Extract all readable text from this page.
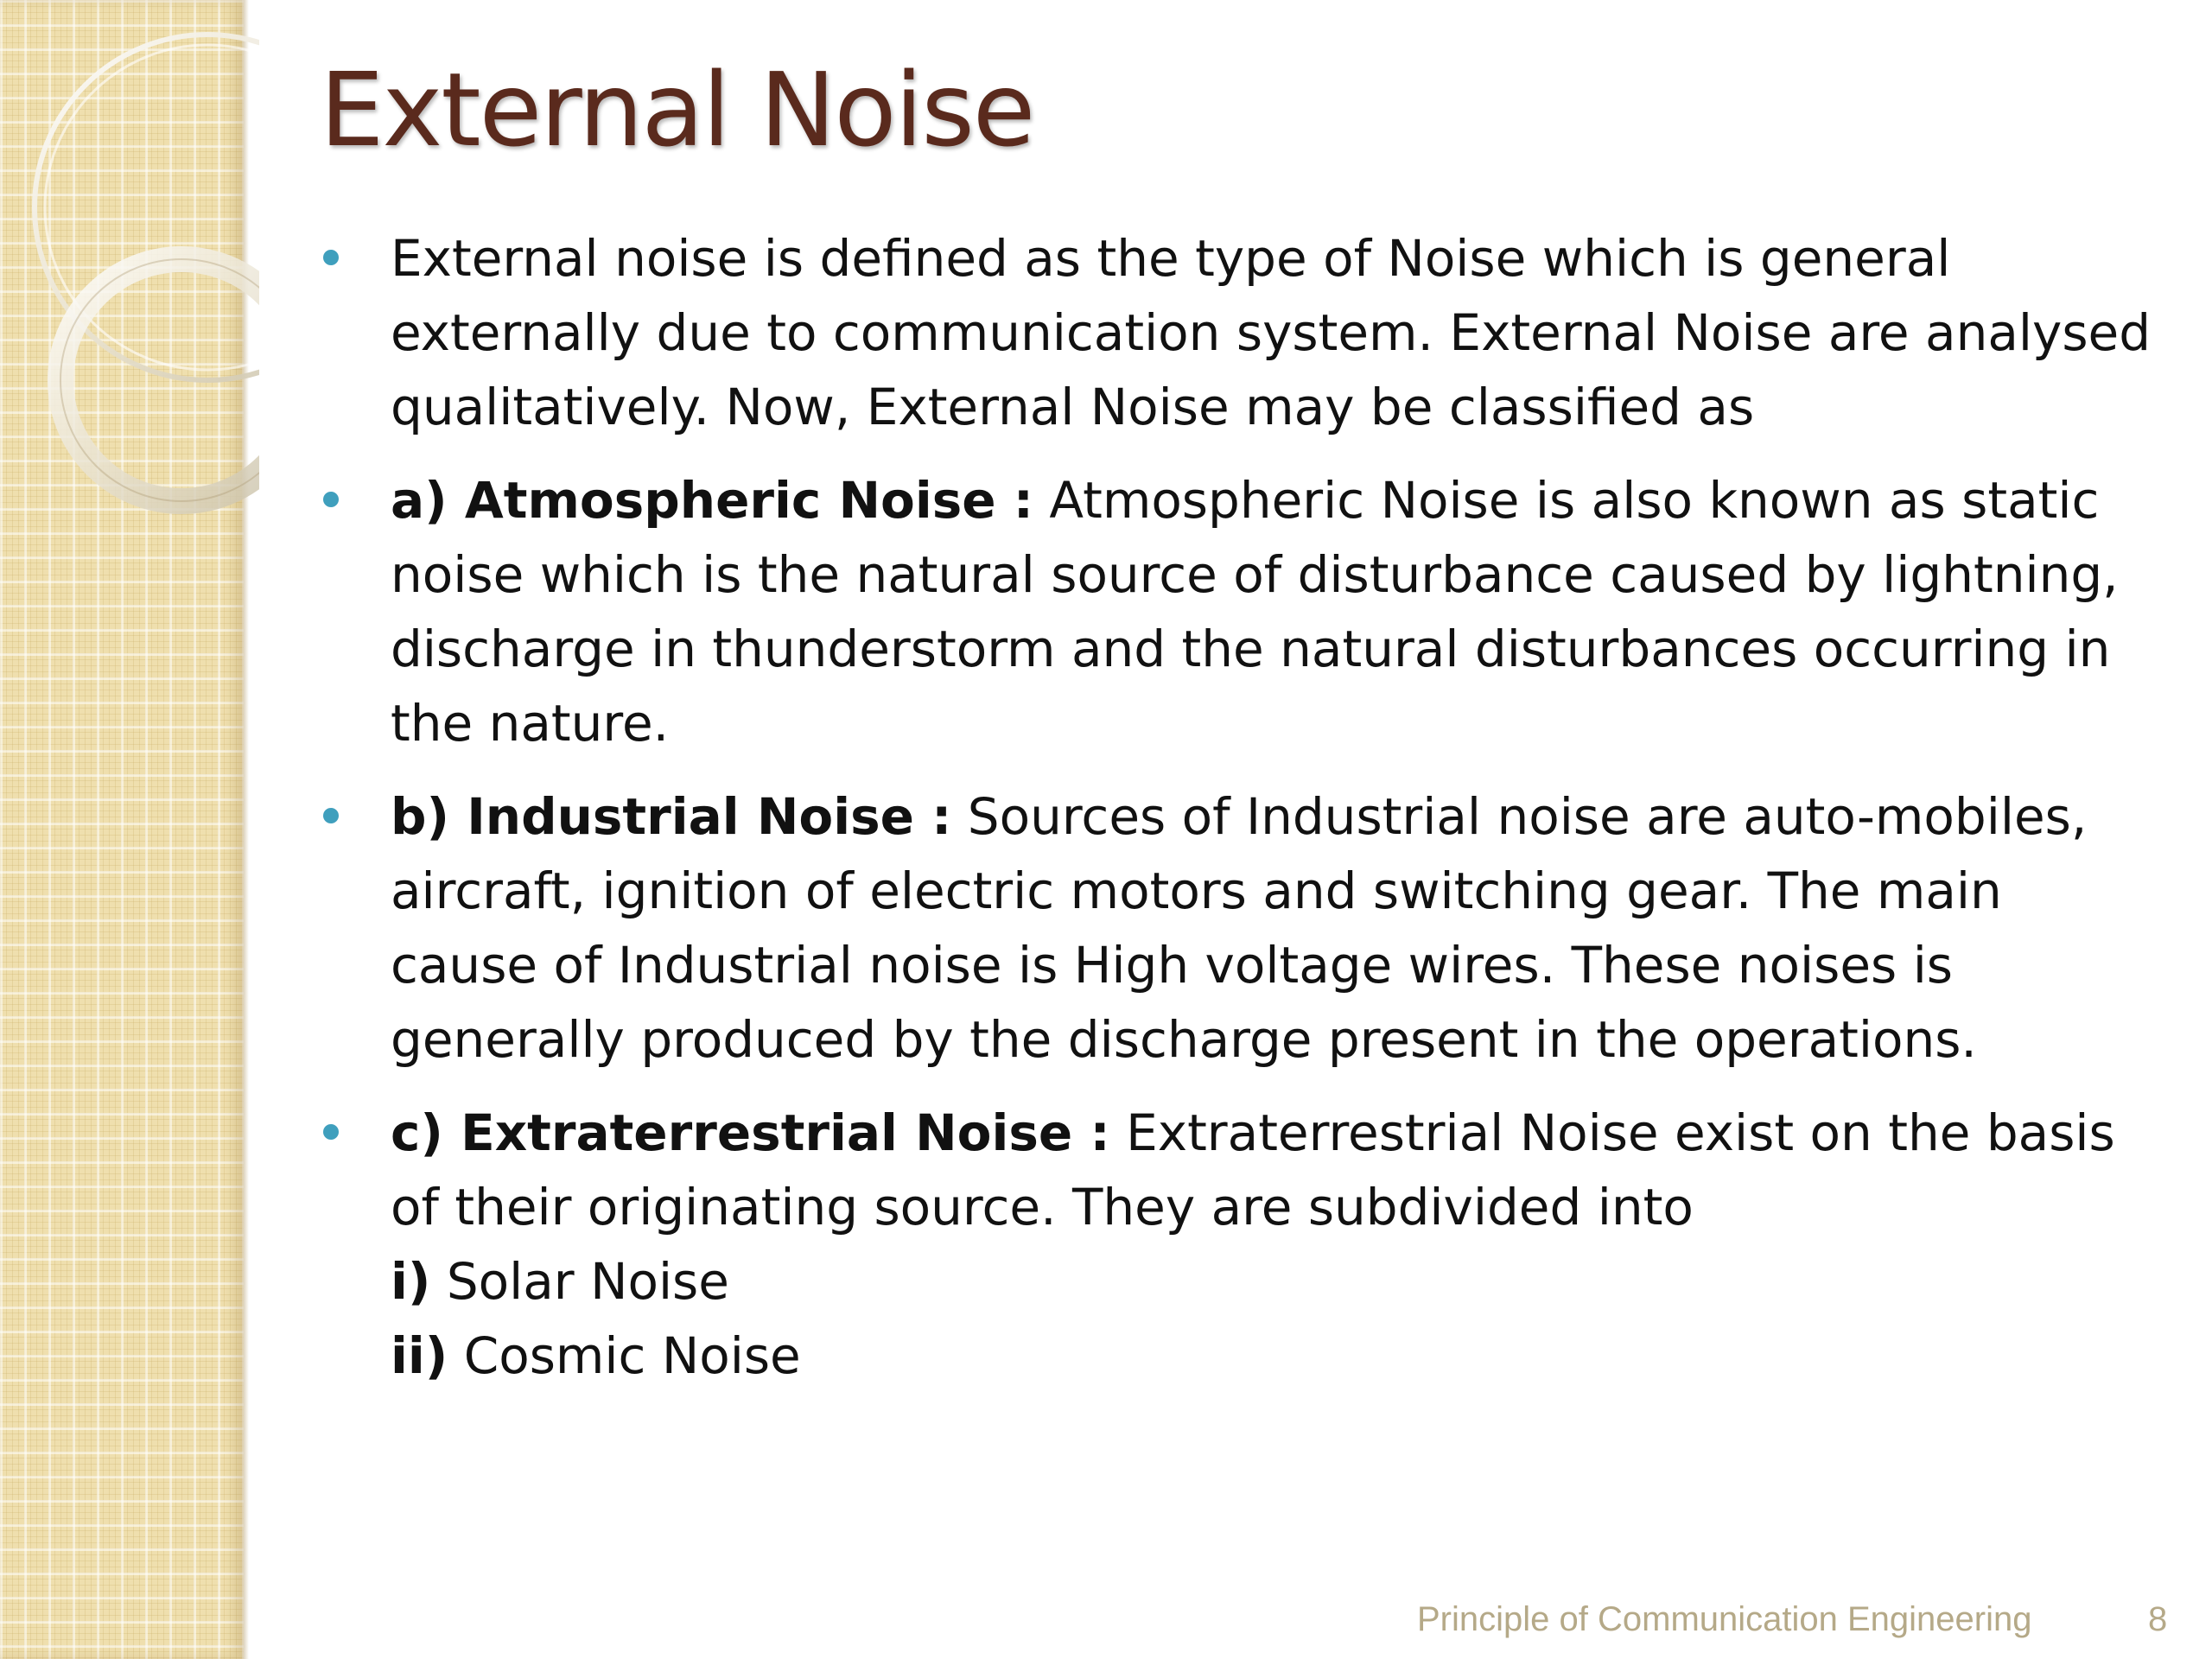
External Noise
External noise is defined as the type of Noise which is general externally due to communication system. External Noise are analysed qualitatively. Now, External Noise may be classified as
a) Atmospheric Noise : Atmospheric Noise is also known as static noise which is the natural source of disturbance caused by lightning, discharge in thunderstorm and the natural disturbances occurring in the nature.
b) Industrial Noise : Sources of Industrial noise are auto-mobiles, aircraft, ignition of electric motors and switching gear. The main cause of Industrial noise is High voltage wires. These noises is generally produced by the discharge present in the operations.
c) Extraterrestrial Noise : Extraterrestrial Noise exist on the basis of their originating source. They are subdivided into
i) Solar Noise
ii) Cosmic Noise
Principle of Communication Engineering	8
